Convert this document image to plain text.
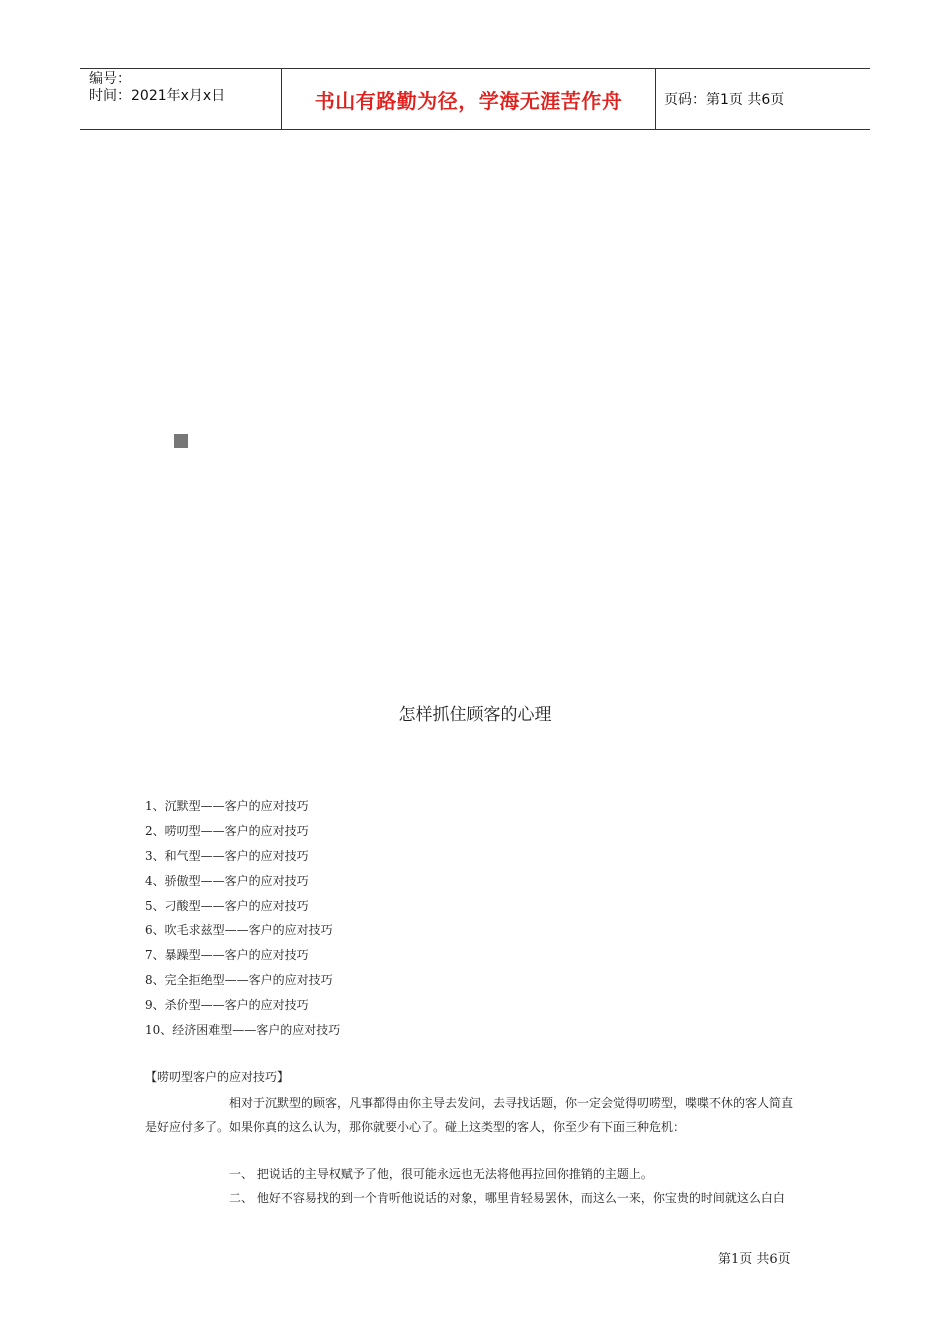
编号：
时间：2021年x月x日	书山有路勤为径，学海无涯苦作舟	页码：第1页 共6页
怎样抓住顾客的心理
1、沉默型——客户的应对技巧
2、唠叨型——客户的应对技巧
3、和气型——客户的应对技巧
4、骄傲型——客户的应对技巧
5、刁酸型——客户的应对技巧
6、吹毛求兹型——客户的应对技巧
7、暴躁型——客户的应对技巧
8、完全拒绝型——客户的应对技巧
9、杀价型——客户的应对技巧
10、经济困难型——客户的应对技巧

【唠叨型客户的应对技巧】

相对于沉默型的顾客，凡事都得由你主导去发问，去寻找话题，你一定会觉得叨唠型，喋喋不休的客人简直

是好应付多了。如果你真的这么认为，那你就要小心了。碰上这类型的客人，你至少有下面三种危机：

一、 把说话的主导权赋予了他，很可能永远也无法将他再拉回你推销的主题上。

二、 他好不容易找的到一个肯听他说话的对象，哪里肯轻易罢休，而这么一来，你宝贵的时间就这么白白

第1页 共6页
